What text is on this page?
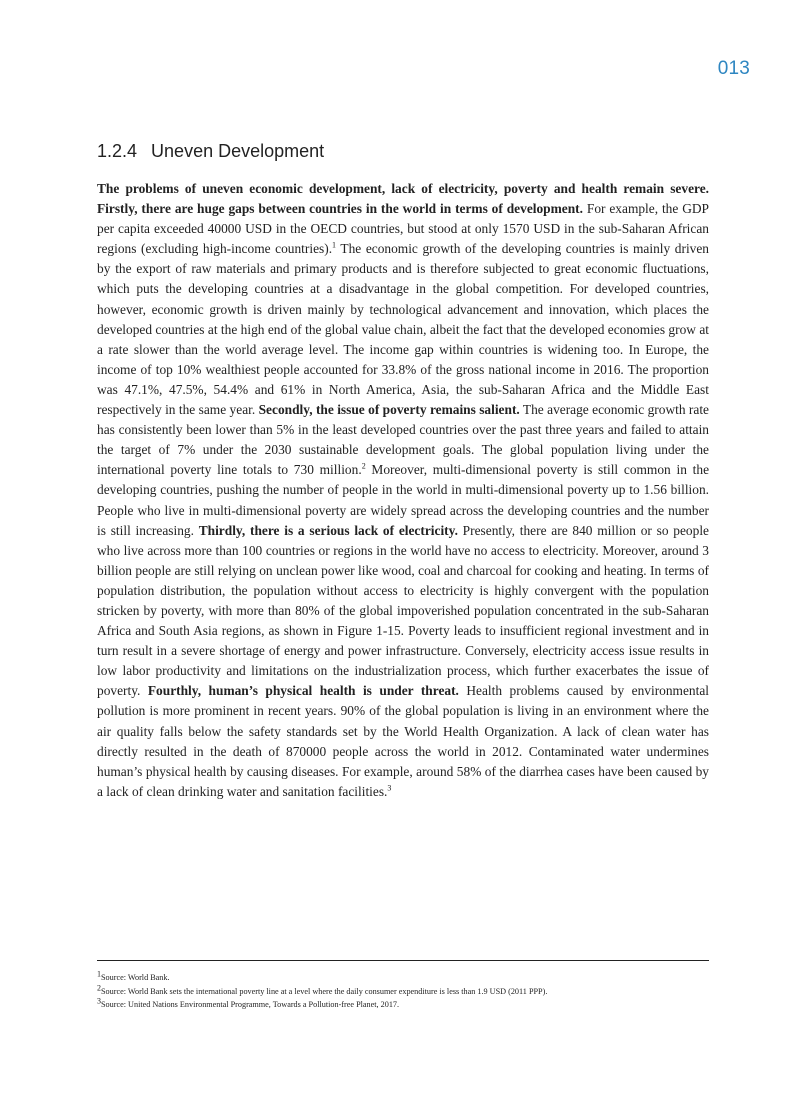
013
1.2.4 Uneven Development

The problems of uneven economic development, lack of electricity, poverty and health remain severe. Firstly, there are huge gaps between countries in the world in terms of development. For example, the GDP per capita exceeded 40000 USD in the OECD countries, but stood at only 1570 USD in the sub-Saharan African regions (excluding high-income countries).$^1$ The economic growth of the developing countries is mainly driven by the export of raw materials and primary products and is therefore subjected to great economic fluctuations, which puts the developing countries at a disadvantage in the global competition. For developed countries, however, economic growth is driven mainly by technological advancement and innovation, which places the developed countries at the high end of the global value chain, albeit the fact that the developed economies grow at a rate slower than the world average level. The income gap within countries is widening too. In Europe, the income of top 10% wealthiest people accounted for 33.8% of the gross national income in 2016. The proportion was 47.1%, 47.5%, 54.4% and 61% in North America, Asia, the sub-Saharan Africa and the Middle East respectively in the same year. Secondly, the issue of poverty remains salient. The average economic growth rate has consistently been lower than 5% in the least developed countries over the past three years and failed to attain the target of 7% under the 2030 sustainable development goals. The global population living under the international poverty line totals to 730 million.$^2$ Moreover, multi-dimensional poverty is still common in the developing countries, pushing the number of people in the world in multi-dimensional poverty up to 1.56 billion. People who live in multi-dimensional poverty are widely spread across the developing countries and the number is still increasing. Thirdly, there is a serious lack of electricity. Presently, there are 840 million or so people who live across more than 100 countries or regions in the world have no access to electricity. Moreover, around 3 billion people are still relying on unclean power like wood, coal and charcoal for cooking and heating. In terms of population distribution, the population without access to electricity is highly convergent with the population stricken by poverty, with more than 80% of the global impoverished population concentrated in the sub-Saharan Africa and South Asia regions, as shown in Figure 1-15. Poverty leads to insufficient regional investment and in turn result in a severe shortage of energy and power infrastructure. Conversely, electricity access issue results in low labor productivity and limitations on the industrialization process, which further exacerbates the issue of poverty. Fourthly, human’s physical health is under threat. Health problems caused by environmental pollution is more prominent in recent years. 90% of the global population is living in an environment where the air quality falls below the safety standards set by the World Health Organization. A lack of clean water has directly resulted in the death of 870000 people across the world in 2012. Contaminated water undermines human’s physical health by causing diseases. For example, around 58% of the diarrhea cases have been caused by a lack of clean drinking water and sanitation facilities.$^3$

$^1$Source: World Bank.
$^2$Source: World Bank sets the international poverty line at a level where the daily consumer expenditure is less than 1.9 USD (2011 PPP).
$^3$Source: United Nations Environmental Programme, Towards a Pollution-free Planet, 2017.
